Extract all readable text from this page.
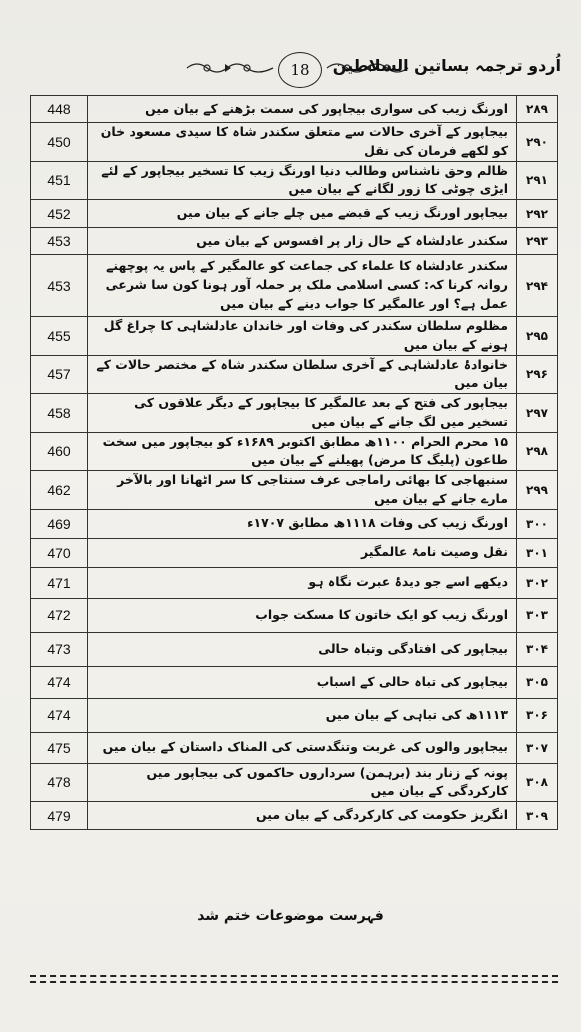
18	اُردو ترجمہ بساتین السلاطین
448	اورنگ زیب کی سواری بیجاپور کی سمت بڑھنے کے بیان میں	۲۸۹
450	بیجاپور کے آخری حالات سے متعلق سکندر شاہ کا سیدی مسعود خان کو لکھے فرمان کی نقل	۲۹۰
451	ظالم وحق ناشناس وطالب دنیا اورنگ زیب کا تسخیر بیجاپور کے لئے ایڑی چوٹی کا زور لگانے کے بیان میں	۲۹۱
452	بیجاپور اورنگ زیب کے قبضے میں چلے جانے کے بیان میں	۲۹۲
453	سکندر عادلشاہ کے حال زار پر افسوس کے بیان میں	۲۹۳
453	سکندر عادلشاہ کا علماء کی جماعت کو عالمگیر کے پاس یہ پوچھنے روانہ کرنا کہ: کسی اسلامی ملک پر حملہ آور ہونا کون سا شرعی عمل ہے؟ اور عالمگیر کا جواب دینے کے بیان میں	۲۹۴
455	مظلوم سلطان سکندر کی وفات اور خاندان عادلشاہی کا چراغ گل ہونے کے بیان میں	۲۹۵
457	خانوادۂ عادلشاہی کے آخری سلطان سکندر شاہ کے مختصر حالات کے بیان میں	۲۹۶
458	بیجاپور کی فتح کے بعد عالمگیر کا بیجاپور کے دیگر علاقوں کی تسخیر میں لگ جانے کے بیان میں	۲۹۷
460	۱۵ محرم الحرام ۱۱۰۰ھ مطابق اکتوبر ۱۶۸۹ء کو بیجاپور میں سخت طاعون (پلیگ کا مرض) پھیلنے کے بیان میں	۲۹۸
462	سنبھاجی کا بھائی راماجی عرف سنتاجی کا سر اٹھانا اور بالآخر مارے جانے کے بیان میں	۲۹۹
469	اورنگ زیب کی وفات ۱۱۱۸ھ مطابق ۱۷۰۷ء	۳۰۰
470	نقل وصیت نامۂ عالمگیر	۳۰۱
471	دیکھے اسے جو دیدۂ عبرت نگاہ ہو	۳۰۲
472	اورنگ زیب کو ایک خاتون کا مسکت جواب	۳۰۳
473	بیجاپور کی افتادگی وتباہ حالی	۳۰۴
474	بیجاپور کی تباہ حالی کے اسباب	۳۰۵
474	۱۱۱۳ھ کی تباہی کے بیان میں	۳۰۶
475	بیجاپور والوں کی غربت وتنگدستی کی المناک داستان کے بیان میں	۳۰۷
478	پونہ کے زنار بند (برہمن) سرداروں حاکموں کی بیجاپور میں کارکردگی کے بیان میں	۳۰۸
479	انگریز حکومت کی کارکردگی کے بیان میں	۳۰۹
فہرست موضوعات ختم شد
